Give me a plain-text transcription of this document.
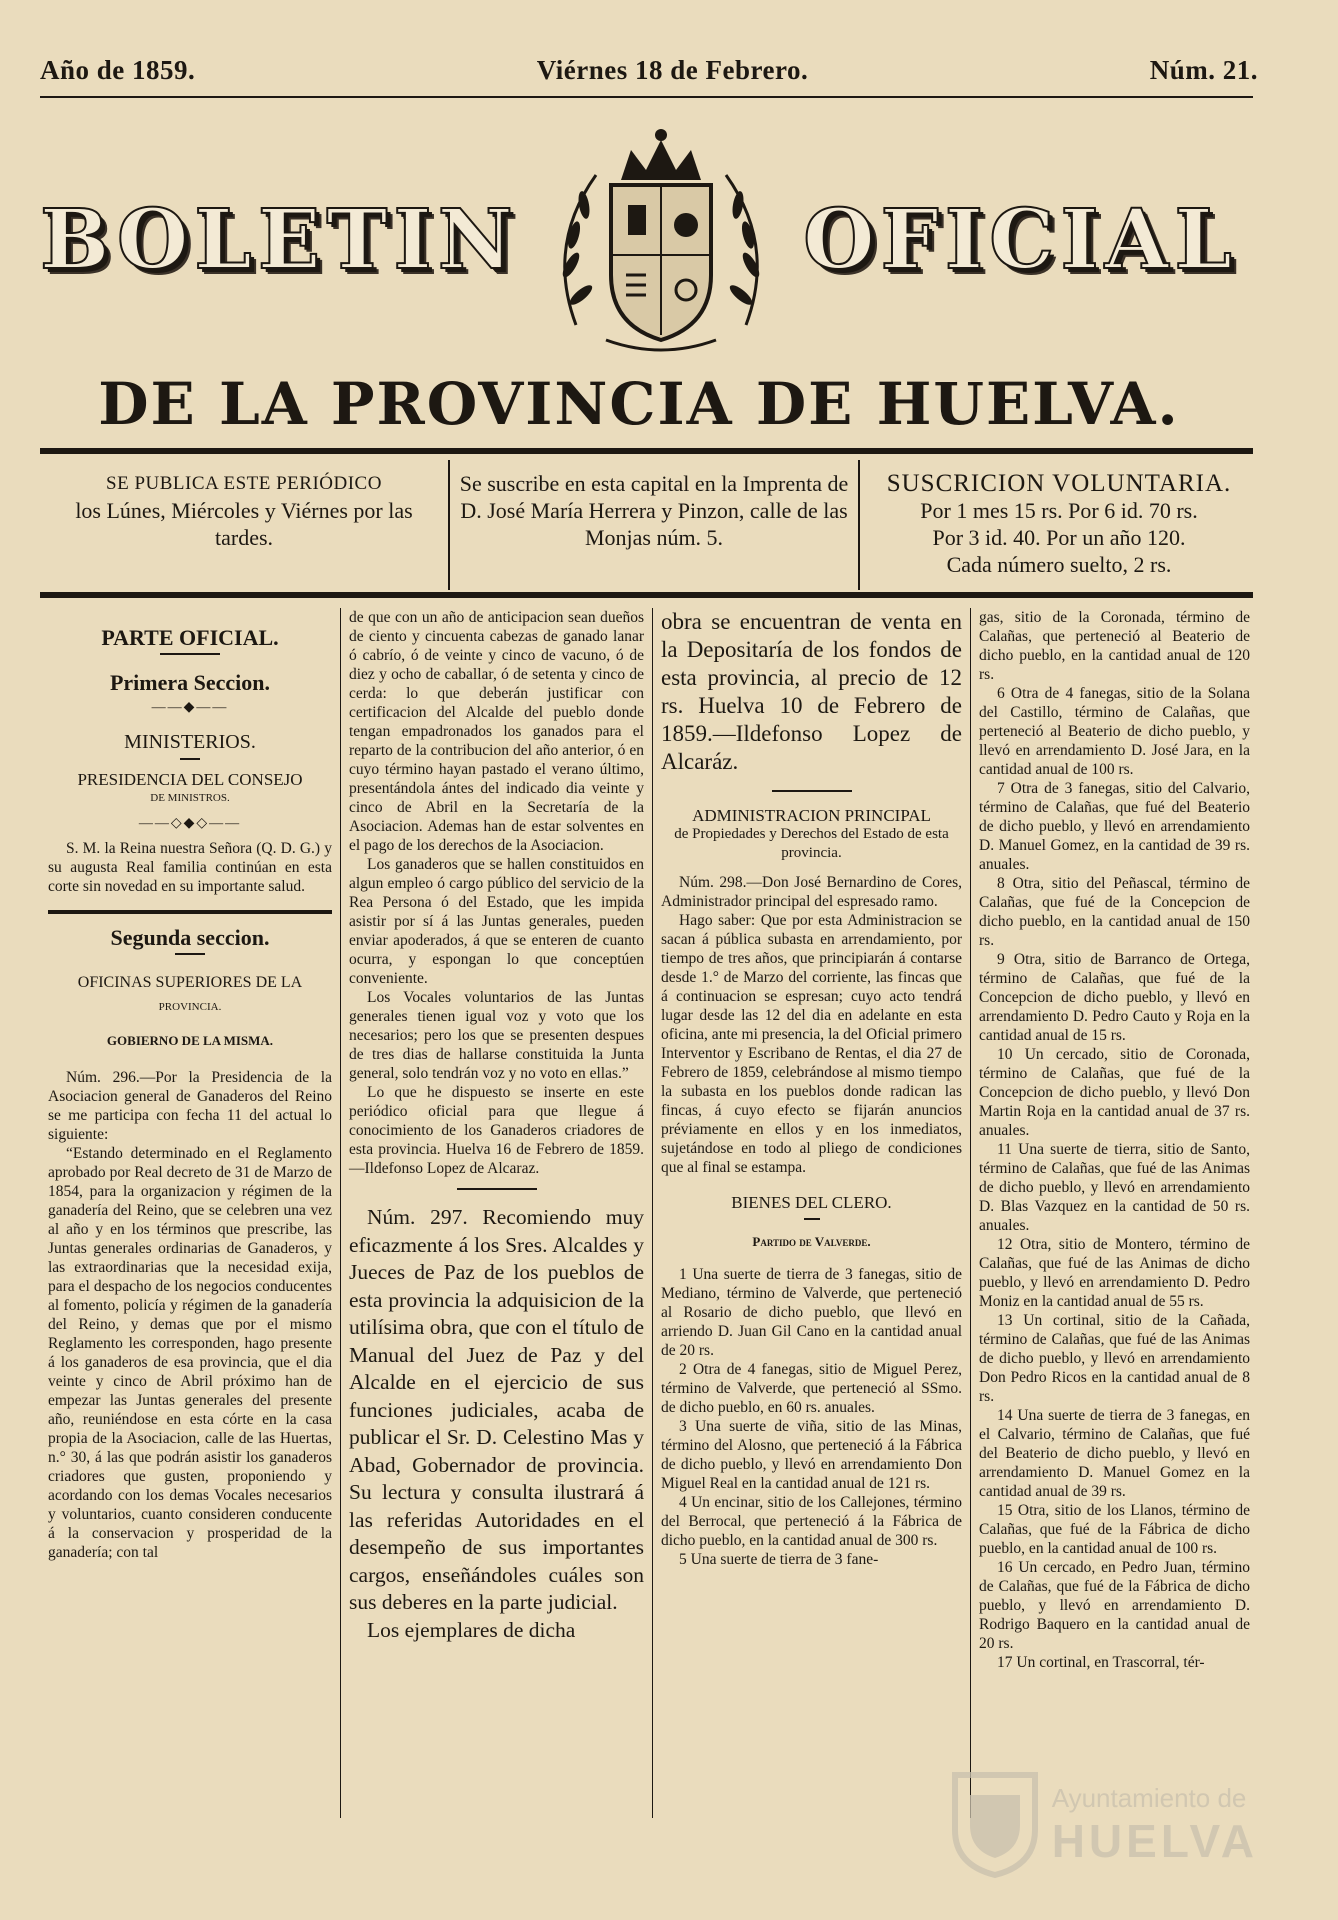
Año de 1859.	Viérnes 18 de Febrero.	Núm. 21.
BOLETIN	OFICIAL
DE LA PROVINCIA DE HUELVA.
SE PUBLICA ESTE PERIÓDICO
los Lúnes, Miércoles y Viérnes por las tardes.
Se suscribe en esta capital en la Imprenta de D. José María Herrera y Pinzon, calle de las Monjas núm. 5.
SUSCRICION VOLUNTARIA.
Por 1 mes 15 rs. Por 6 id. 70 rs.
Por 3 id. 40. Por un año 120.
Cada número suelto, 2 rs.
PARTE OFICIAL.
Primera Seccion.
——◆——
MINISTERIOS.
PRESIDENCIA DEL CONSEJO
DE MINISTROS.
——◇◆◇——

S. M. la Reina nuestra Señora (Q. D. G.) y su augusta Real familia continúan en esta corte sin novedad en su importante salud.

Segunda seccion.
OFICINAS SUPERIORES DE LA
PROVINCIA.
GOBIERNO DE LA MISMA.

Núm. 296.—Por la Presidencia de la Asociacion general de Ganaderos del Reino se me participa con fecha 11 del actual lo siguiente:

“Estando determinado en el Reglamento aprobado por Real decreto de 31 de Marzo de 1854, para la organizacion y régimen de la ganadería del Reino, que se celebren una vez al año y en los términos que prescribe, las Juntas generales ordinarias de Ganaderos, y las extraordinarias que la necesidad exija, para el despacho de los negocios conducentes al fomento, policía y régimen de la ganadería del Reino, y demas que por el mismo Reglamento les corresponden, hago presente á los ganaderos de esa provincia, que el dia veinte y cinco de Abril próximo han de empezar las Juntas generales del presente año, reuniéndose en esta córte en la casa propia de la Asociacion, calle de las Huertas, n.° 30, á las que podrán asistir los ganaderos criadores que gusten, proponiendo y acordando con los demas Vocales necesarios y voluntarios, cuanto consideren conducente á la conservacion y prosperidad de la ganadería; con tal

de que con un año de anticipacion sean dueños de ciento y cincuenta cabezas de ganado lanar ó cabrío, ó de veinte y cinco de vacuno, ó de diez y ocho de caballar, ó de setenta y cinco de cerda: lo que deberán justificar con certificacion del Alcalde del pueblo donde tengan empadronados los ganados para el reparto de la contribucion del año anterior, ó en cuyo término hayan pastado el verano último, presentándola ántes del indicado dia veinte y cinco de Abril en la Secretaría de la Asociacion. Ademas han de estar solventes en el pago de los derechos de la Asociacion.

Los ganaderos que se hallen constituidos en algun empleo ó cargo público del servicio de la Rea Persona ó del Estado, que les impida asistir por sí á las Juntas generales, pueden enviar apoderados, á que se enteren de cuanto ocurra, y espongan lo que conceptúen conveniente.

Los Vocales voluntarios de las Juntas generales tienen igual voz y voto que los necesarios; pero los que se presenten despues de tres dias de hallarse constituida la Junta general, solo tendrán voz y no voto en ellas.”

Lo que he dispuesto se inserte en este periódico oficial para que llegue á conocimiento de los Ganaderos criadores de esta provincia. Huelva 16 de Febrero de 1859.—Ildefonso Lopez de Alcaraz.

Núm. 297. Recomiendo muy eficazmente á los Sres. Alcaldes y Jueces de Paz de los pueblos de esta provincia la adquisicion de la utilísima obra, que con el título de Manual del Juez de Paz y del Alcalde en el ejercicio de sus funciones judiciales, acaba de publicar el Sr. D. Celestino Mas y Abad, Gobernador de provincia. Su lectura y consulta ilustrará á las referidas Autoridades en el desempeño de sus importantes cargos, enseñándoles cuáles son sus deberes en la parte judicial.

Los ejemplares de dicha

obra se encuentran de venta en la Depositaría de los fondos de esta provincia, al precio de 12 rs. Huelva 10 de Febrero de 1859.—Ildefonso Lopez de Alcaráz.

ADMINISTRACION PRINCIPAL
de Propiedades y Derechos del Estado de esta provincia.

Núm. 298.—Don José Bernardino de Cores, Administrador principal del espresado ramo.

Hago saber: Que por esta Administracion se sacan á pública subasta en arrendamiento, por tiempo de tres años, que principiarán á contarse desde 1.° de Marzo del corriente, las fincas que á continuacion se espresan; cuyo acto tendrá lugar desde las 12 del dia en adelante en esta oficina, ante mi presencia, la del Oficial primero Interventor y Escribano de Rentas, el dia 27 de Febrero de 1859, celebrándose al mismo tiempo la subasta en los pueblos donde radican las fincas, á cuyo efecto se fijarán anuncios préviamente en ellos y en los inmediatos, sujetándose en todo al pliego de condiciones que al final se estampa.

BIENES DEL CLERO.
Partido de Valverde.

1 Una suerte de tierra de 3 fanegas, sitio de Mediano, término de Valverde, que perteneció al Rosario de dicho pueblo, que llevó en arriendo D. Juan Gil Cano en la cantidad anual de 20 rs.

2 Otra de 4 fanegas, sitio de Miguel Perez, término de Valverde, que perteneció al SSmo. de dicho pueblo, en 60 rs. anuales.

3 Una suerte de viña, sitio de las Minas, término del Alosno, que perteneció á la Fábrica de dicho pueblo, y llevó en arrendamiento Don Miguel Real en la cantidad anual de 121 rs.

4 Un encinar, sitio de los Callejones, término del Berrocal, que perteneció á la Fábrica de dicho pueblo, en la cantidad anual de 300 rs.

5 Una suerte de tierra de 3 fane-

gas, sitio de la Coronada, término de Calañas, que perteneció al Beaterio de dicho pueblo, en la cantidad anual de 120 rs.

6 Otra de 4 fanegas, sitio de la Solana del Castillo, término de Calañas, que perteneció al Beaterio de dicho pueblo, y llevó en arrendamiento D. José Jara, en la cantidad anual de 100 rs.

7 Otra de 3 fanegas, sitio del Calvario, término de Calañas, que fué del Beaterio de dicho pueblo, y llevó en arrendamiento D. Manuel Gomez, en la cantidad de 39 rs. anuales.

8 Otra, sitio del Peñascal, término de Calañas, que fué de la Concepcion de dicho pueblo, en la cantidad anual de 150 rs.

9 Otra, sitio de Barranco de Ortega, término de Calañas, que fué de la Concepcion de dicho pueblo, y llevó en arrendamiento D. Pedro Cauto y Roja en la cantidad anual de 15 rs.

10 Un cercado, sitio de Coronada, término de Calañas, que fué de la Concepcion de dicho pueblo, y llevó Don Martin Roja en la cantidad anual de 37 rs. anuales.

11 Una suerte de tierra, sitio de Santo, término de Calañas, que fué de las Animas de dicho pueblo, y llevó en arrendamiento D. Blas Vazquez en la cantidad de 50 rs. anuales.

12 Otra, sitio de Montero, término de Calañas, que fué de las Animas de dicho pueblo, y llevó en arrendamiento D. Pedro Moniz en la cantidad anual de 55 rs.

13 Un cortinal, sitio de la Cañada, término de Calañas, que fué de las Animas de dicho pueblo, y llevó en arrendamiento Don Pedro Ricos en la cantidad anual de 8 rs.

14 Una suerte de tierra de 3 fanegas, en el Calvario, término de Calañas, que fué del Beaterio de dicho pueblo, y llevó en arrendamiento D. Manuel Gomez en la cantidad anual de 39 rs.

15 Otra, sitio de los Llanos, término de Calañas, que fué de la Fábrica de dicho pueblo, en la cantidad anual de 100 rs.

16 Un cercado, en Pedro Juan, término de Calañas, que fué de la Fábrica de dicho pueblo, y llevó en arrendamiento D. Rodrigo Baquero en la cantidad anual de 20 rs.

17 Un cortinal, en Trascorral, tér-

Ayuntamiento de
HUELVA
